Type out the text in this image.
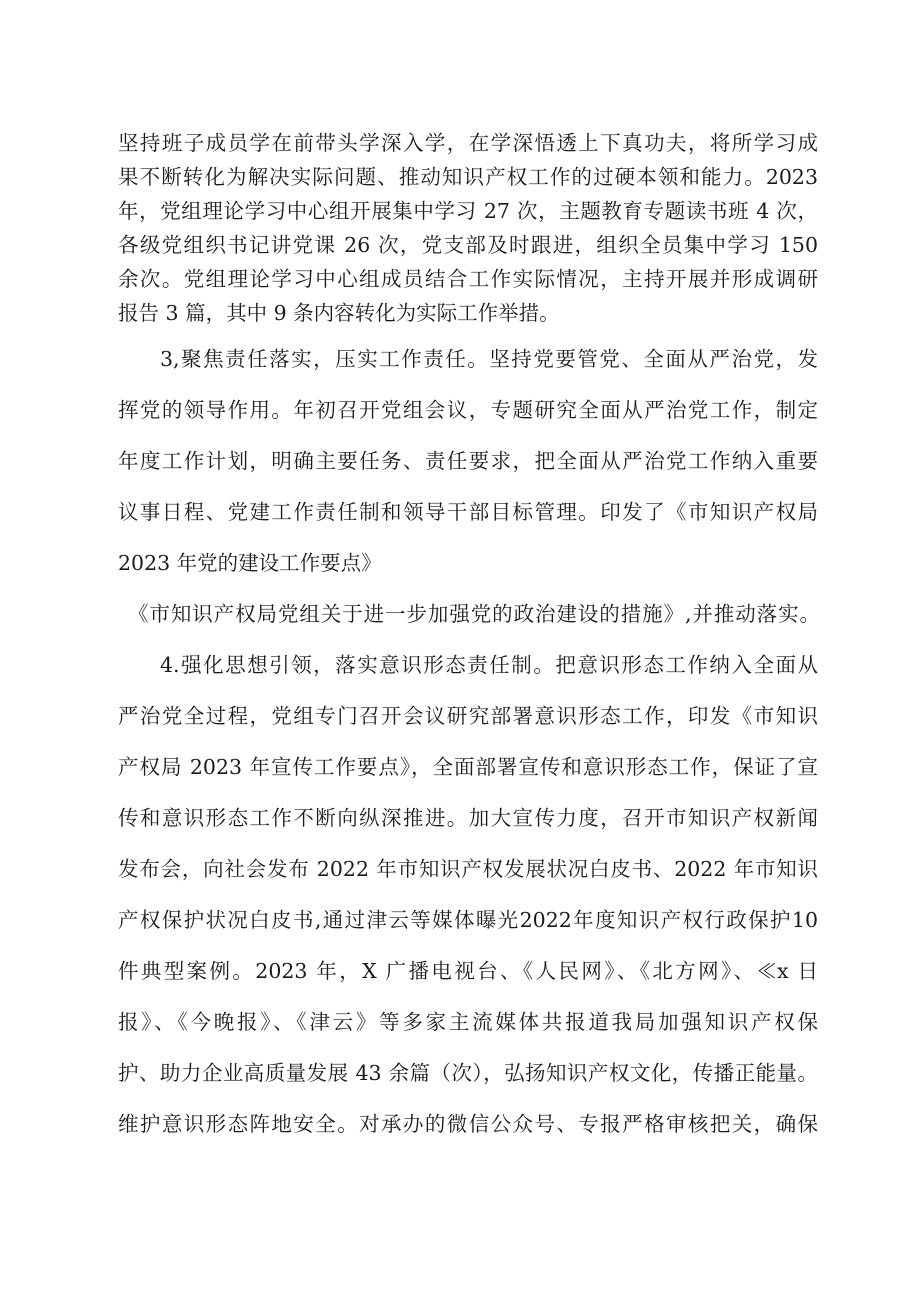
坚持班子成员学在前带头学深入学，在学深悟透上下真功夫，将所学习成
果不断转化为解决实际问题、推动知识产权工作的过硬本领和能力。2023
年，党组理论学习中心组开展集中学习 27 次，主题教育专题读书班 4 次，
各级党组织书记讲党课 26 次，党支部及时跟进，组织全员集中学习 150
余次。党组理论学习中心组成员结合工作实际情况，主持开展并形成调研
报告 3 篇，其中 9 条内容转化为实际工作举措。
3,聚焦责任落实，压实工作责任。坚持党要管党、全面从严治党，发
挥党的领导作用。年初召开党组会议，专题研究全面从严治党工作，制定
年度工作计划，明确主要任务、责任要求，把全面从严治党工作纳入重要
议事日程、党建工作责任制和领导干部目标管理。印发了《市知识产权局
2023 年党的建设工作要点》
《市知识产权局党组关于进一步加强党的政治建设的措施》,并推动落实。
4.强化思想引领，落实意识形态责任制。把意识形态工作纳入全面从
严治党全过程，党组专门召开会议研究部署意识形态工作，印发《市知识
产权局 2023 年宣传工作要点》，全面部署宣传和意识形态工作，保证了宣
传和意识形态工作不断向纵深推进。加大宣传力度，召开市知识产权新闻
发布会，向社会发布 2022 年市知识产权发展状况白皮书、2022 年市知识
产权保护状况白皮书,通过津云等媒体曝光2022年度知识产权行政保护10
件典型案例。2023 年，X 广播电视台、《人民网》、《北方网》、≪x 日
报》、《今晚报》、《津云》等多家主流媒体共报道我局加强知识产权保
护、助力企业高质量发展 43 余篇（次），弘扬知识产权文化，传播正能量。
维护意识形态阵地安全。对承办的微信公众号、专报严格审核把关，确保
